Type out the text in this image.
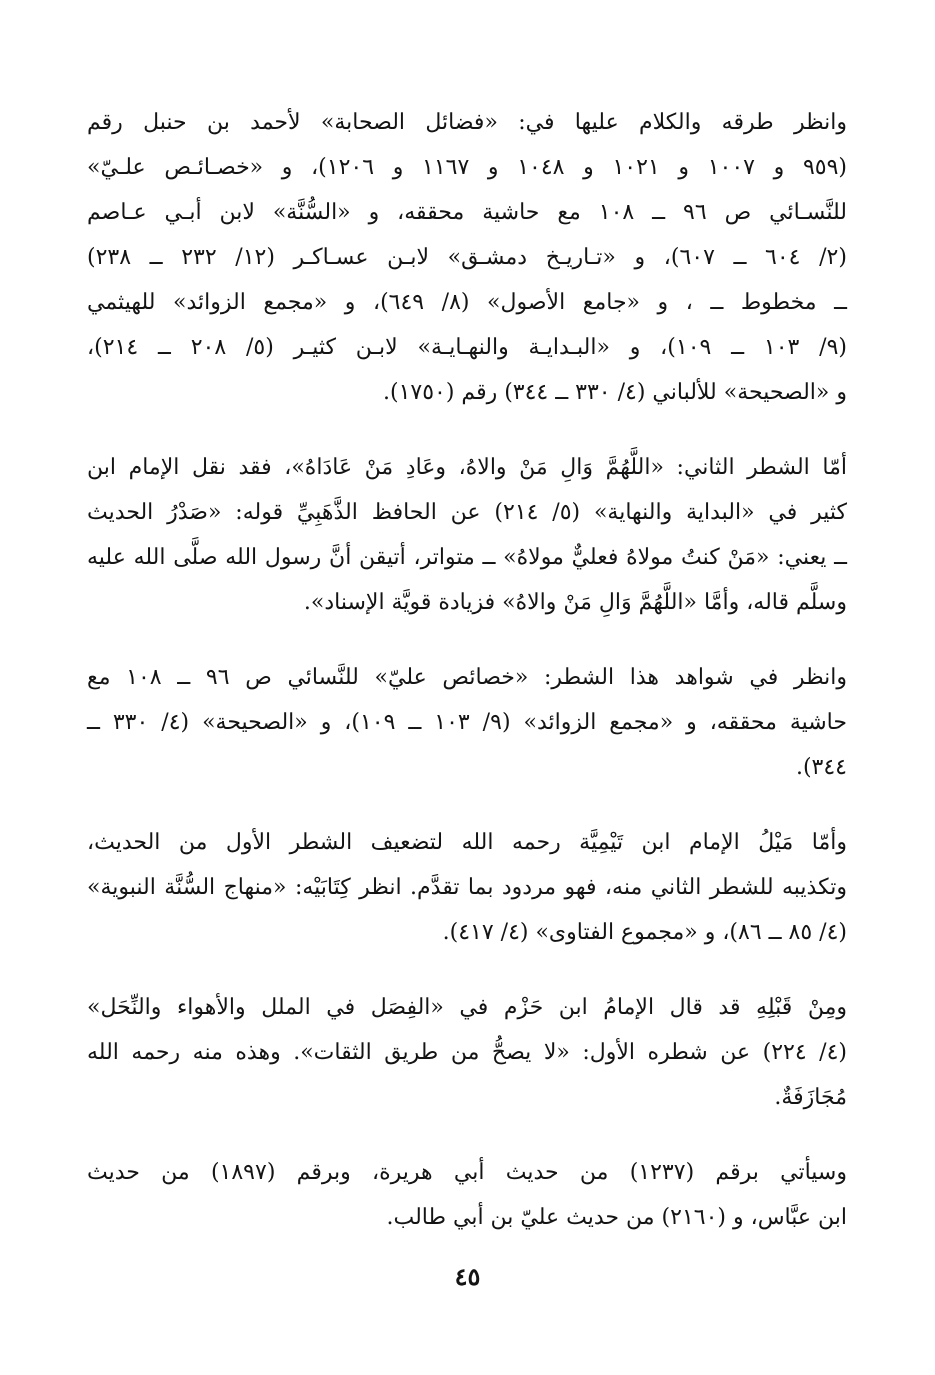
وانظر طرقه والكلام عليها في: «فضائل الصحابة» لأحمد بن حنبل رقم
(٩٥٩ و ١٠٠٧ و ١٠٢١ و ١٠٤٨ و ١١٦٧ و ١٢٠٦)، و «خصـائـص علـيّ»
للنَّسـائي ص ٩٦ ــ ١٠٨ مع حاشية محققه، و «السُّنَّة» لابن أبـي عـاصم
(٢/ ٦٠٤ ــ ٦٠٧)، و «تـاريـخ دمشـق» لابـن عسـاكـر (١٢/ ٢٣٢ ــ ٢٣٨)
ــ مخطوط ــ ، و «جامع الأصول» (٨/ ٦٤٩)، و «مجمع الزوائد» للهيثمي
(٩/ ١٠٣ ــ ١٠٩)، و «البـدايـة والنهـايـة» لابـن كثيـر (٥/ ٢٠٨ ــ ٢١٤)،
و «الصحيحة» للألباني (٤/ ٣٣٠ ــ ٣٤٤) رقم (١٧٥٠).
أمّا الشطر الثاني: «اللَّهُمَّ وَالِ مَنْ والاهُ، وعَادِ مَنْ عَادَاهُ»، فقد نقل الإمام ابن
كثير في «البداية والنهاية» (٥/ ٢١٤) عن الحافظ الذَّهَبِيِّ قوله: «صَدْرُ الحديث
ــ يعني: «مَنْ كنتُ مولاهُ فعليٌّ مولاهُ» ــ متواتر، أتيقن أنَّ رسول الله صلَّى الله عليه
وسلَّم قاله، وأمَّا «اللَّهُمَّ وَالِ مَنْ والاهُ» فزيادة قويَّة الإسناد».
وانظر في شواهد هذا الشطر: «خصائص عليّ» للنَّسائي ص ٩٦ ــ ١٠٨ مع
حاشية محققه، و «مجمع الزوائد» (٩/ ١٠٣ ــ ١٠٩)، و «الصحيحة» (٤/ ٣٣٠ ــ
٣٤٤).
وأمّا مَيْلُ الإمام ابن تَيْمِيَّة رحمه الله لتضعيف الشطر الأول من الحديث،
وتكذيبه للشطر الثاني منه، فهو مردود بما تقدَّم. انظر كِتَابَيْه: «منهاج السُّنَّة النبوية»
(٤/ ٨٥ ــ ٨٦)، و «مجموع الفتاوى» (٤/ ٤١٧).
ومِنْ قَبْلِهِ قد قال الإمامُ ابن حَزْم في «الفِصَل في الملل والأهواء والنِّحَل»
(٤/ ٢٢٤) عن شطره الأول: «لا يصحُّ من طريق الثقات». وهذه منه رحمه الله
مُجَازَفَةٌ.
وسيأتي برقم (١٢٣٧) من حديث أبي هريرة، وبرقم (١٨٩٧) من حديث
ابن عبَّاس، و (٢١٦٠) من حديث عليّ بن أبي طالب.
٤٥
